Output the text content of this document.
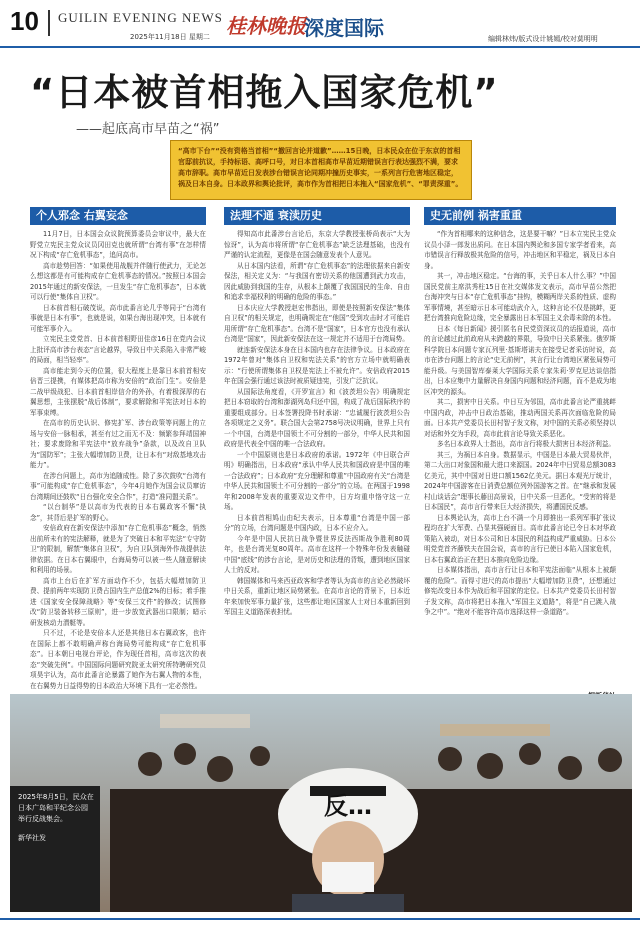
10 GUILIN EVENING NEWS
2025年11月18日 星期二 桂林晚报
深度国际	编辑林炜/版式设计姚嫣/校对莫明明
“日本被首相拖入国家危机”
——起底高市早苗之“祸”

“高市下台”“没有资格当首相”“撤回言论并道歉”……15日晚，日本民众在位于东京的首相官邸前抗议，手持标语、高呼口号，对日本首相高市早苗近期错误言行表达强烈不满，要求高市辞职。高市早苗近日发表涉台错误言论同期冲撞历史事实，一系列言行危害地区稳定，祸及日本自身。日本政界和舆论批评，高市作为首相把日本拖入“国家危机”、“罪责深重”。

个人邪念 右翼妄念

11月7日，日本国会众议院预算委员会审议中，最大在野党立宪民主党众议员冈田克也就所谓“台湾有事”在怎样情况下构成“存亡危机事态”，追问高市。

高市趁势回答：“如果使用战舰并伴随行使武力，无论怎么想这都是有可能构成存亡危机事态的情况。”按照日本国会2015年通过的新安保法，一旦发生“存亡危机事态”，日本就可以行使“集体自卫权”。

日本前首相石破茂说，高市此番言论几乎等同于“台湾有事就是日本有事”，也就是说，如果台海出现冲突，日本就有可能军事介入。

立宪民主党党首、日本前首相野田佳彦16日在党内会议上批评高市涉台表态“言论越界，导致日中关系陷入非常严峻的局面，相当轻率”。

高市能走到今天的位置，很大程度上是靠日本前首相安倍晋三提携，有媒体把高市称为安倍的“政治门生”。安倍是二战甲级战犯、日本前首相岸信介的外孙，有着极深厚的右翼思想，主张摆脱“战后体制”，要求解除和平宪法对日本的军事束缚。

在高市的历史认识、修宪扩军、涉台政策等问题上的立场与安倍一脉相承，甚至有过之而无不及：频繁参拜靖国神社；要求废除和平宪法中“放弃战争”条款，以及改自卫队为“国防军”；主张大幅增加防卫费，让日本有“对敌基地攻击能力”。

在涉台问题上，高市为追随成性。除了多次鼓吹“台湾有事”可能构成“存亡危机事态”，今年4月她作为国会议员窜访台湾期间还鼓吹“日台强化安全合作”，打造“准同盟关系”。

“以台制华”是以高市为代表的日本右翼政客不懈“执念”，其背后是扩军的野心。

安倍政府在新安保法中添加“存亡危机事态”概念，悄然出前所未有的宪法解释，就是为了突破日本和平宪法“专守防卫”的限制，解禁“集体自卫权”，为自卫队到海外作战提供法律依据。在日本右翼眼中，台海局势可以被一些人随意解读和利用的场景。

高市上台后在扩军方面动作不少，包括大幅增加防卫费、提前两年实现防卫费占国内生产总值2%的目标；着手推进《国家安全保障战略》等“安保三文件”的修改；试图修改“防卫装备转移三原则”，进一步放宽武器出口限制；暗示研发核动力潜艇等。

只不过，不论是安倍本人还是其他日本右翼政客，也许在国际上都不敢明确声称台海局势可能构成“存亡危机事态”。日本朝日电视台评论，作为现任首相，高市这次的表态“突破先例”。中国国际问题研究院亚太研究所特聘研究员项昊宇认为，高市此番言论暴露了她作为右翼人物的本性，在右翼势力日益得势的日本政治大环境下具有一定必然性。

法理不通 衰渎历史

得知高市此番涉台言论后，东京大学教授张桥尚表示“大为惊讶”，认为高市将所谓“存亡危机事态”缺乏法理基础，也没有严谨的认定流程，更像是在国会随意发表个人意见。

从日本国内法看，所谓“存亡危机事态”的法理依据来自新安保法，相关定义为：“与我国有密切关系的他国遭到武力攻击，因此威胁到我国的生存，从根本上颠覆了我国国民的生命、自由和追求幸福权利的明确的危险的事态。”

日本庆应大学教授赵宏伟指出，即使是按照新安保法“集体自卫权”的相关规定，也明确规定在“他国”受到攻击时才可能启用所谓“存亡危机事态”。台湾不是“国家”，日本官方也没有承认台湾是“国家”，因此新安保法在这一规定并不适用于台湾局势。

就连新安保法本身在日本国内也存在法律争议。日本政府在1972年曾对“集体自卫权和宪法关系”的官方立场中就明确表示：“行使所谓集体自卫权是宪法上不被允许”。安倍政府2015年在国会强行通过该法时被质疑违宪，引发广泛抗议。

从国际法角度看，《开罗宣言》和《波茨坦公告》明确规定把日本窃取的台湾和澎湖列岛归还中国，构成了战后国际秩序的重要组成部分。日本签署投降书时承诺：“忠诚履行波茨坦公告各项规定之义务”。联合国大会第2758号决议明确，世界上只有一个中国，台湾是中国领土不可分割的一部分，中华人民共和国政府是代表全中国的唯一合法政府。

一个中国原则也是日本政府的承诺。1972年《中日联合声明》明确指出，日本政府“承认中华人民共和国政府是中国的唯一合法政府”；日本政府“充分理解和尊重”中国政府有关“台湾是中华人民共和国领土不可分割的一部分”的立场。在两国于1998年和2008年发表的重要双边文件中，日方均重申恪守这一立场。

日本前首相鸠山由纪夫表示，日本尊重“台湾是中国一部分”的立场，台湾问题是中国内政，日本不应介入。

今年是中国人民抗日战争暨世界反法西斯战争胜利80周年，也是台湾光复80周年。高市在这样一个特殊年份发表触碰中国“底线”的涉台言论，是对历史和法理的背叛，遭到地区国家人士的反对。

韩国媒体和马来西亚政客和学者等认为高市的言论必然破坏中日关系，重新让地区局势紧张。在高市言论的背景下，日本近年来加快军事力量扩张，这些都让地区国家人士对日本重新回到军国主义道路深表担忧。

史无前例 祸害重重

“作为首相哪来的这种信念，这是要干嘛？”日本立宪民主党众议员小泽一郎发出质问。在日本国内舆论和多国专家学者看来，高市错误言行释放极其危险的信号，冲击地区和平稳定，祸及日本自身。

其一，冲击地区稳定。“台海的事，关乎日本人什么事？”中国国民党前主席洪秀柱15日在社交媒体发文表示，高市早苗公然把台海冲突与日本“存亡危机事态”挂钩，模糊两岸关系的性质、虚构军事情境，甚至暗示日本可能动武介入，这种言论不仅是挑衅，更把台湾推向危险边缘，完全暴露出日本军国主义余毒未除的本性。

日本《每日新闻》援引匿名自民党资深议员的话报道说，高市的言论越过此前政府从未跨越的界限，导致中日关系紧张。俄罗斯科学院日本问题专家瓦列里·基斯塔诺夫在接受记者采访时说，高市在涉台问题上的言论“史无前例”，其言行让台湾地区紧张局势可能升级。与美国智库泰莱大学国际关系专家朱莉·罗克尼达谈信指出，日本应集中力量解决自身国内问题和经济问题，而不是成为地区冲突的源头。

其二，损害中日关系。中日互为邻国，高市此番言论严重挑衅中国内政，冲击中日政治基础，推动两国关系再次面临危险的局面。日本共产党委员长田村智子发文称，对中国的关系必须坚持以对话和外交为手段，高市此前言论导致关系恶化。

多名日本政界人士指出，高市言行将极大损害日本经济利益。

其三，为祸日本自身。数据显示，中国是日本最大贸易伙伴，第二大出口对象国和最大进口来源国。2024年中日贸易总额3083亿美元，其中中国对日进口额1562亿美元。据日本观光厅统计，2024年中国游客在日消费总额位列外国游客之首。在“继承和发展村山谈话会”理事长藤田高景说，日中关系一旦恶化，“受害的将是日本国民”，高市言行带来巨大经济损失，将遭国民反感。

日本舆论认为，高市上台不满一个月即推出一系列军事扩张议程均在扩大军费、凸显其强硬面目。高市此番言论已令日本对华政策陷入被动，对日本公司和日本国民的利益构成严重威胁。日本公明党党首齐藤铁夫在国会说，高市的言行已使日本陷入国家危机，日本右翼政治正在把日本推向危险边缘。

日本媒体指出，高市言行让日本和平宪法面临“从根本上被颠覆的危险”。而得寸进尺的高市提出“大幅增加防卫费”，还想通过修宪改变日本作为战后和平国家的定位。日本共产党委员长田村智子发文称，高市将把日本拖入“军国主义道路”，将是“自己跳入战争之中”。“绝对不能容许高市选择这样一条道路”。

反…

2025年8月5日，民众在日本广岛和平纪念公园举行反战集会。

新华社发
